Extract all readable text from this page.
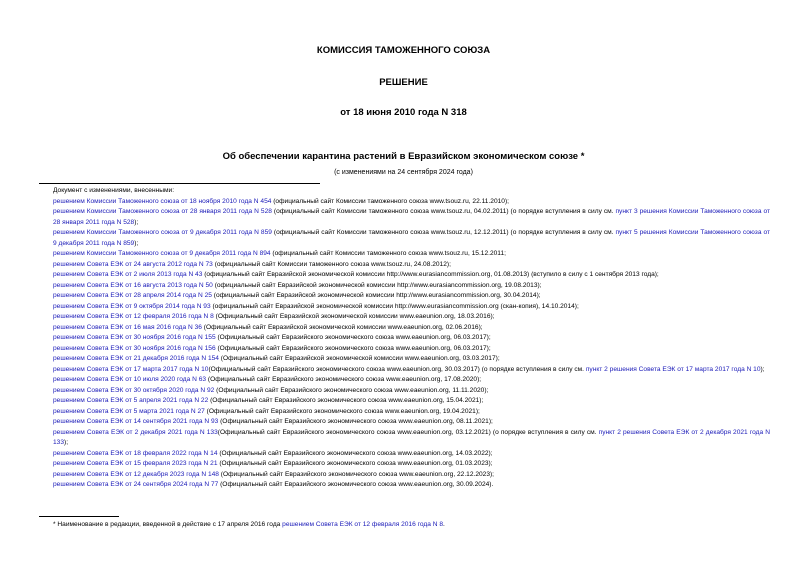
КОМИССИЯ ТАМОЖЕННОГО СОЮЗА
РЕШЕНИЕ
от 18 июня 2010 года N 318
Об обеспечении карантина растений в Евразийском экономическом союзе *
(с изменениями на 24 сентября 2024 года)
Документ с изменениями, внесенными:
решением Комиссии Таможенного союза от 18 ноября 2010 года N 454 (официальный сайт Комиссии таможенного союза www.tsouz.ru, 22.11.2010);
решением Комиссии Таможенного союза от 28 января 2011 года N 528 (официальный сайт Комиссии таможенного союза www.tsouz.ru, 04.02.2011) (о порядке вступления в силу см. пункт 3 решения Комиссии Таможенного союза от 28 января 2011 года N 528);
решением Комиссии Таможенного союза от 9 декабря 2011 года N 859 (официальный сайт Комиссии таможенного союза www.tsouz.ru, 12.12.2011) (о порядке вступления в силу см. пункт 5 решения Комиссии Таможенного союза от 9 декабря 2011 года N 859);
решением Комиссии Таможенного союза от 9 декабря 2011 года N 894 (официальный сайт Комиссии таможенного союза www.tsouz.ru, 15.12.2011;
решением Совета ЕЭК от 24 августа 2012 года N 73 (официальный сайт Комиссии таможенного союза www.tsouz.ru, 24.08.2012);
решением Совета ЕЭК от 2 июля 2013 года N 43 (официальный сайт Евразийской экономической комиссии http://www.eurasiancommission.org, 01.08.2013) (вступило в силу с 1 сентября 2013 года);
решением Совета ЕЭК от 16 августа 2013 года N 50 (официальный сайт Евразийской экономической комиссии http://www.eurasiancommission.org, 19.08.2013);
решением Совета ЕЭК от 28 апреля 2014 года N 25 (официальный сайт Евразийской экономической комиссии http://www.eurasiancommission.org, 30.04.2014);
решением Совета ЕЭК от 9 октября 2014 года N 93 (официальный сайт Евразийской экономической комиссии http://www.eurasiancommission.org (скан-копия), 14.10.2014);
решением Совета ЕЭК от 12 февраля 2016 года N 8 (Официальный сайт Евразийской экономической комиссии www.eaeunion.org, 18.03.2016);
решением Совета ЕЭК от 16 мая 2016 года N 36 (Официальный сайт Евразийской экономической комиссии www.eaeunion.org, 02.06.2016);
решением Совета ЕЭК от 30 ноября 2016 года N 155 (Официальный сайт Евразийского экономического союза www.eaeunion.org, 06.03.2017);
решением Совета ЕЭК от 30 ноября 2016 года N 156 (Официальный сайт Евразийского экономического союза www.eaeunion.org, 06.03.2017);
решением Совета ЕЭК от 21 декабря 2016 года N 154 (Официальный сайт Евразийской экономической комиссии www.eaeunion.org, 03.03.2017);
решением Совета ЕЭК от 17 марта 2017 года N 10(Официальный сайт Евразийского экономического союза www.eaeunion.org, 30.03.2017) (о порядке вступления в силу см. пункт 2 решения Совета ЕЭК от 17 марта 2017 года N 10);
решением Совета ЕЭК от 10 июля 2020 года N 63 (Официальный сайт Евразийского экономического союза www.eaeunion.org, 17.08.2020);
решением Совета ЕЭК от 30 октября 2020 года N 92 (Официальный сайт Евразийского экономического союза www.eaeunion.org, 11.11.2020);
решением Совета ЕЭК от 5 апреля 2021 года N 22 (Официальный сайт Евразийского экономического союза www.eaeunion.org, 15.04.2021);
решением Совета ЕЭК от 5 марта 2021 года N 27 (Официальный сайт Евразийского экономического союза www.eaeunion.org, 19.04.2021);
решением Совета ЕЭК от 14 сентября 2021 года N 93 (Официальный сайт Евразийского экономического союза www.eaeunion.org, 08.11.2021);
решением Совета ЕЭК от 2 декабря 2021 года N 133(Официальный сайт Евразийского экономического союза www.eaeunion.org, 03.12.2021) (о порядке вступления в силу см. пункт 2 решения Совета ЕЭК от 2 декабря 2021 года N 133);
решением Совета ЕЭК от 18 февраля 2022 года N 14 (Официальный сайт Евразийского экономического союза www.eaeunion.org, 14.03.2022);
решением Совета ЕЭК от 15 февраля 2023 года N 21 (Официальный сайт Евразийского экономического союза www.eaeunion.org, 01.03.2023);
решением Совета ЕЭК от 12 декабря 2023 года N 148 (Официальный сайт Евразийского экономического союза www.eaeunion.org, 22.12.2023);
решением Совета ЕЭК от 24 сентября 2024 года N 77 (Официальный сайт Евразийского экономического союза www.eaeunion.org, 30.09.2024).
* Наименование в редакции, введенной в действие с 17 апреля 2016 года решением Совета ЕЭК от 12 февраля 2016 года N 8.
